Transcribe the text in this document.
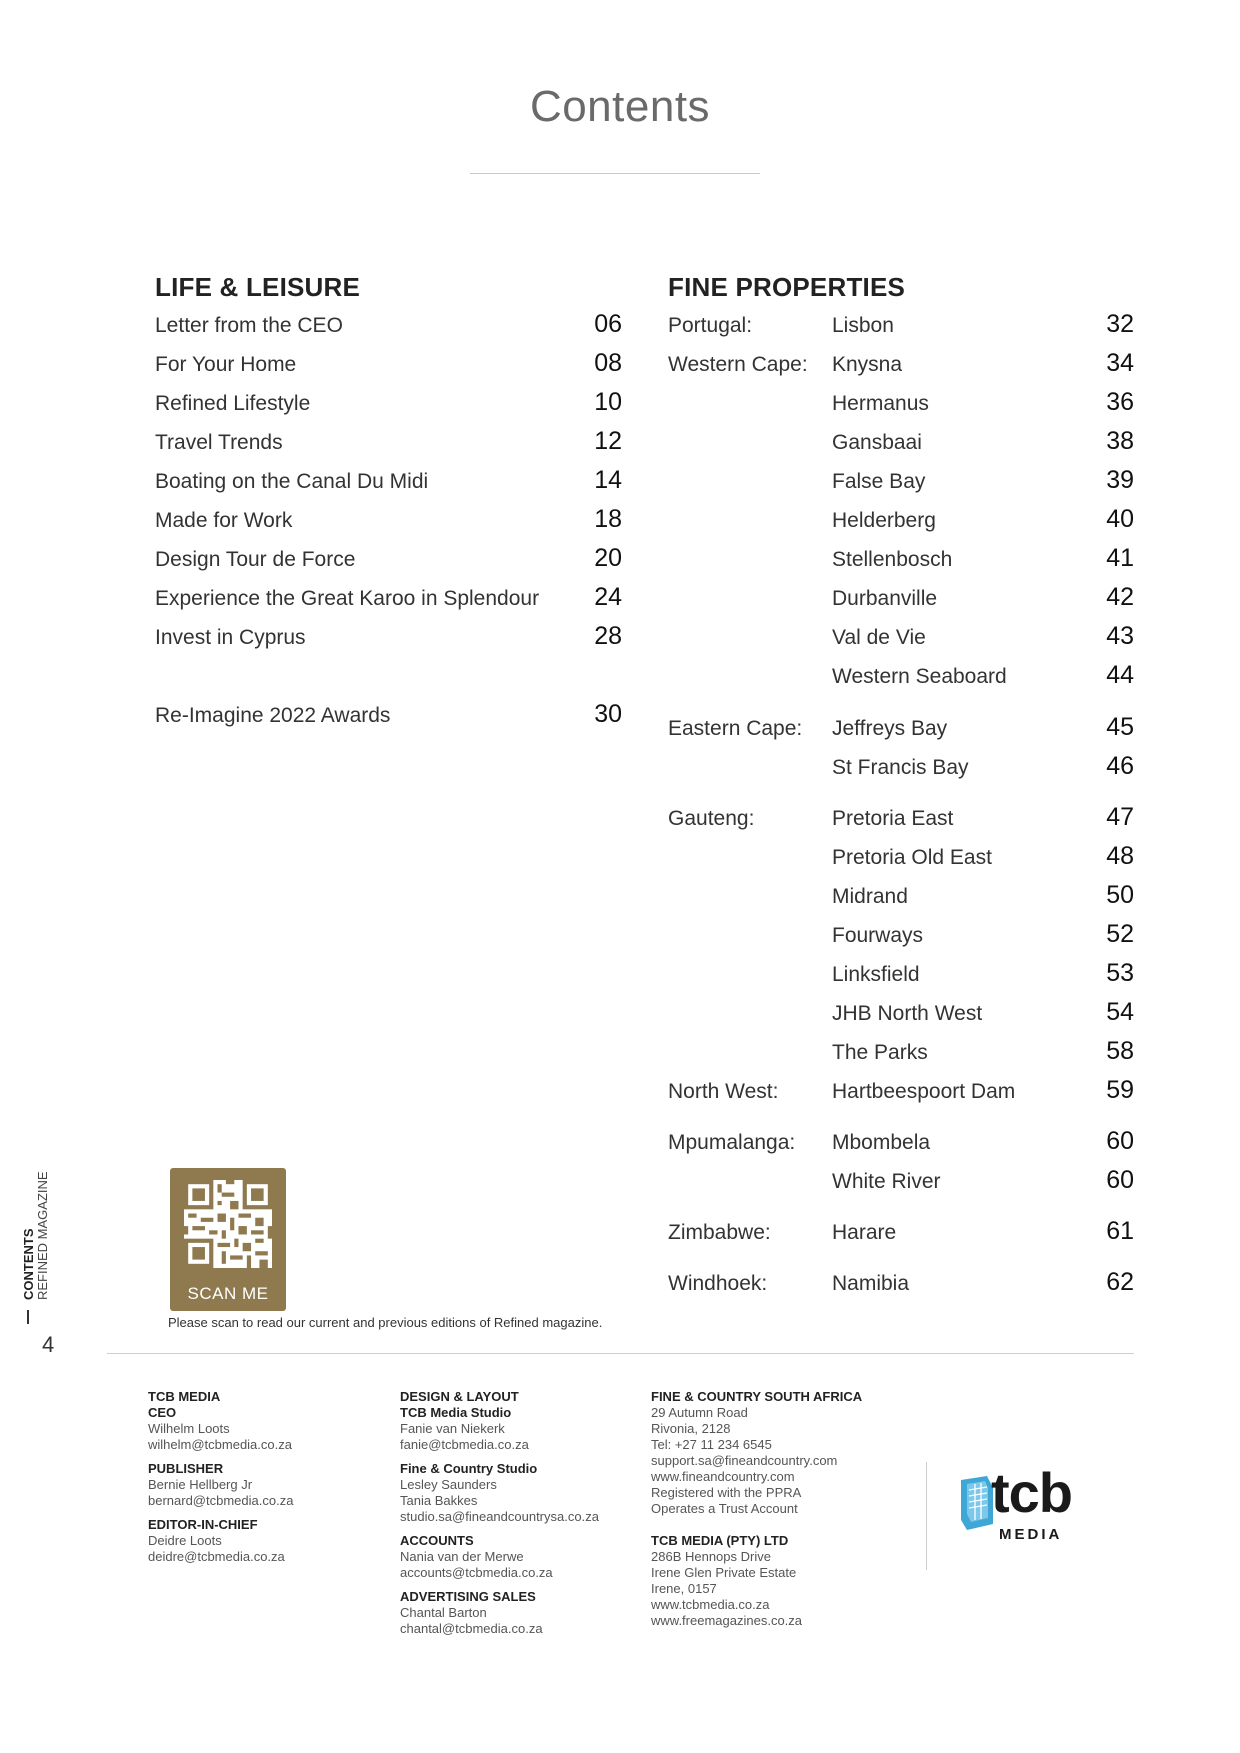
Contents
LIFE & LEISURE	FINE PROPERTIES
Letter from the CEO	06
For Your Home	08
Refined Lifestyle	10
Travel Trends	12
Boating on the Canal Du Midi	14
Made for Work	18
Design Tour de Force	20
Experience the Great Karoo in Splendour 24
Invest in Cyprus	28
Re-Imagine 2022 Awards	30
Portugal:	Lisbon	32
Western Cape: Knysna	34
Hermanus	36
Gansbaai	38
False Bay	39
Helderberg	40
Stellenbosch	41
Durbanville	42
Val de Vie	43
Western Seaboard	44
Eastern Cape: Jeffreys Bay	45
St Francis Bay	46
Gauteng:	Pretoria East	47
Pretoria Old East	48
Midrand	50
Fourways	52
Linksfield	53
JHB North West	54
The Parks	58
North West:	Hartbeespoort Dam	59
Mpumalanga: Mbombela	60
White River	60
Zimbabwe:	Harare	61
Windhoek:	Namibia	62
SCAN ME
Please scan to read our current and previous editions of Refined magazine.
CONTENTS REFINED MAGAZINE
4
TCB MEDIA
CEO
Wilhelm Loots
wilhelm@tcbmedia.co.za
PUBLISHER
Bernie Hellberg Jr
bernard@tcbmedia.co.za
EDITOR-IN-CHIEF
Deidre Loots
deidre@tcbmedia.co.za
DESIGN & LAYOUT
TCB Media Studio
Fanie van Niekerk
fanie@tcbmedia.co.za
Fine & Country Studio
Lesley Saunders
Tania Bakkes
studio.sa@fineandcountrysa.co.za
ACCOUNTS
Nania van der Merwe
accounts@tcbmedia.co.za
ADVERTISING SALES
Chantal Barton
chantal@tcbmedia.co.za
FINE & COUNTRY SOUTH AFRICA
29 Autumn Road
Rivonia, 2128
Tel: +27 11 234 6545
support.sa@fineandcountry.com
www.fineandcountry.com
Registered with the PPRA
Operates a Trust Account
TCB MEDIA (PTY) LTD
286B Hennops Drive
Irene Glen Private Estate
Irene, 0157
www.tcbmedia.co.za
www.freemagazines.co.za
tcb
MEDIA
